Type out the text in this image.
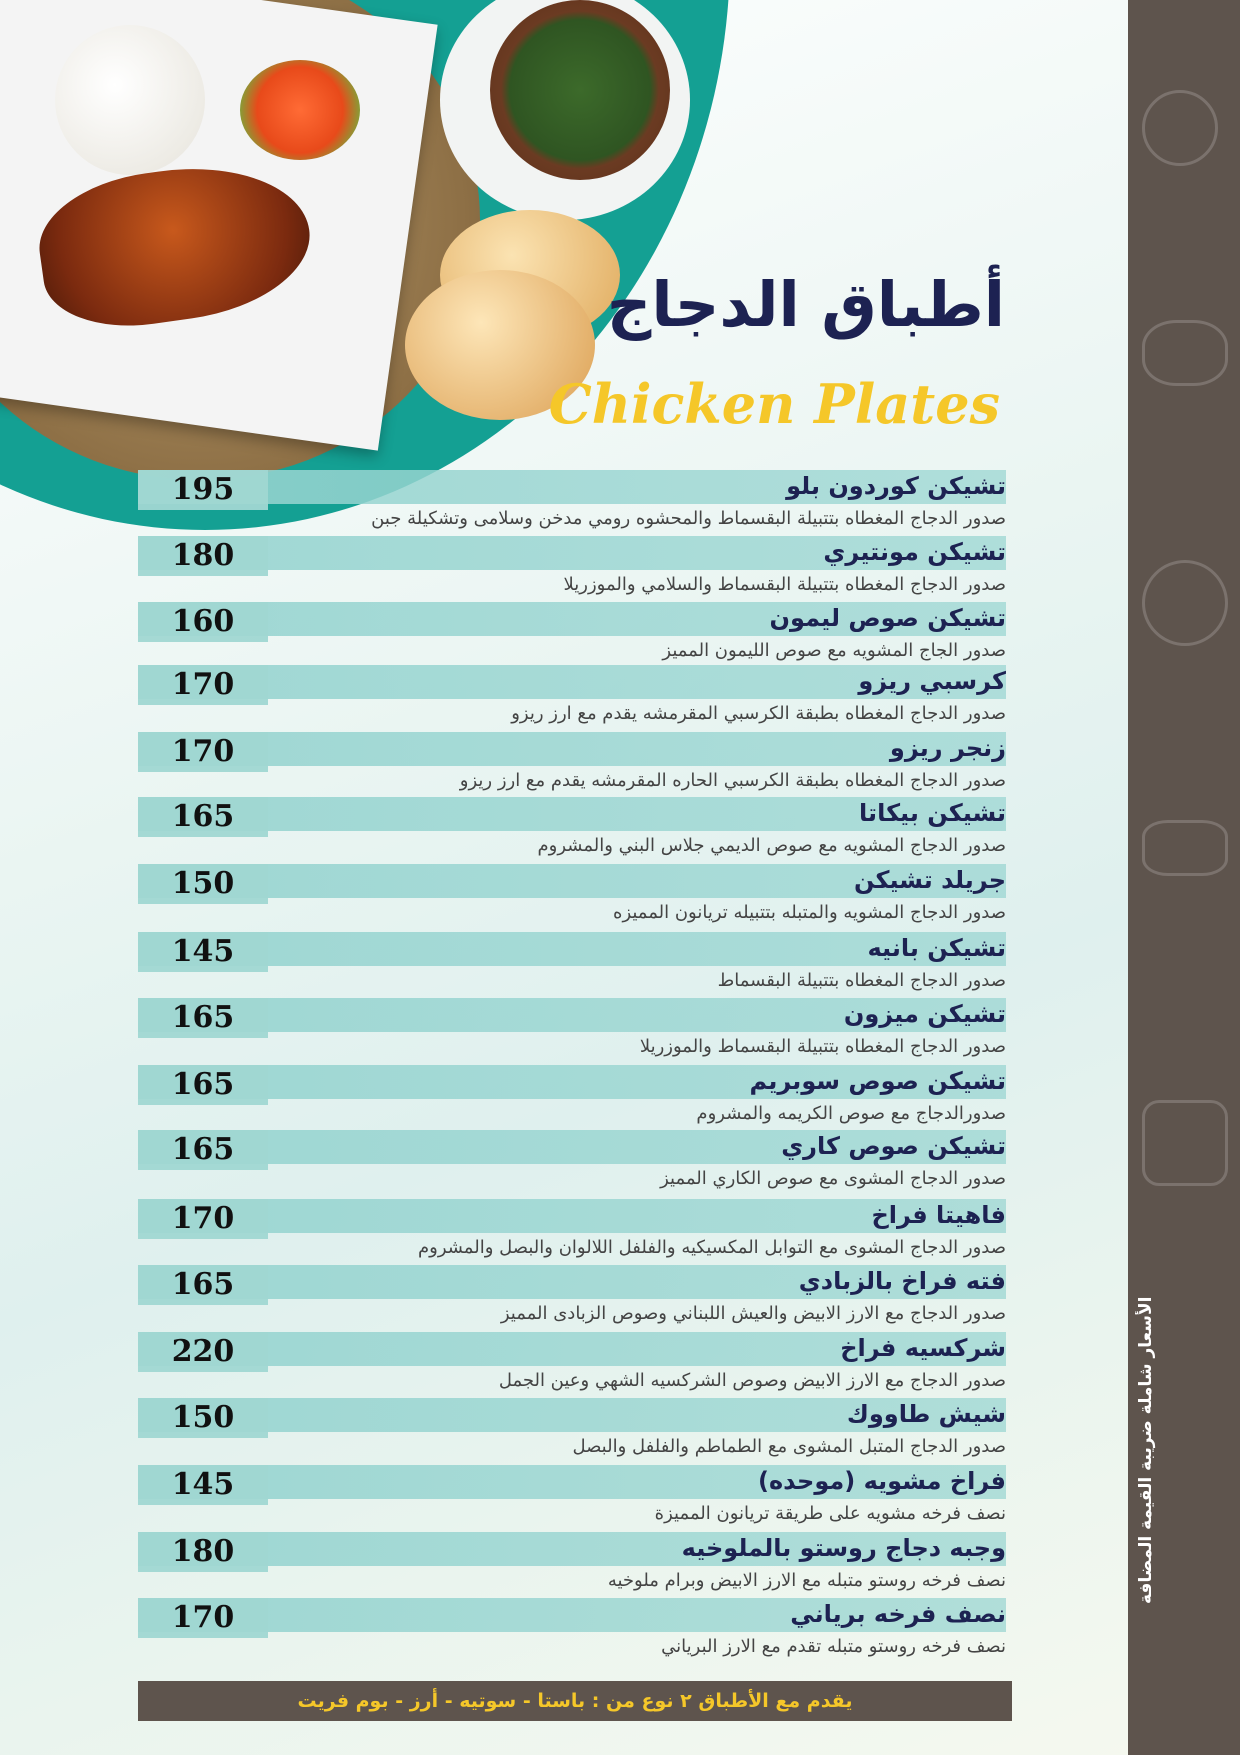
الأسعار شاملة ضريبة القيمة المضافة
أطباق الدجاج
Chicken Plates
195	تشيكن كوردون بلو
صدور الدجاج المغطاه بتتبيلة البقسماط والمحشوه رومي مدخن وسلامى وتشكيلة جبن
180	تشيكن مونتيري
صدور الدجاج المغطاه بتتبيلة البقسماط والسلامي والموزريلا
160	تشيكن صوص ليمون
صدور الجاج المشويه مع صوص الليمون المميز
170	كرسبي ريزو
صدور الدجاج المغطاه بطبقة الكرسبي المقرمشه يقدم مع ارز ريزو
170	زنجر ريزو
صدور الدجاج المغطاه بطبقة الكرسبي الحاره المقرمشه يقدم مع ارز ريزو
165	تشيكن بيكاتا
صدور الدجاج المشويه مع صوص الديمي جلاس البني والمشروم
150	جريلد تشيكن
صدور الدجاج المشويه والمتبله بتتبيله تريانون المميزه
145	تشيكن بانيه
صدور الدجاج المغطاه بتتبيلة البقسماط
165	تشيكن ميزون
صدور الدجاج المغطاه بتتبيلة البقسماط والموزريلا
165	تشيكن صوص سوبريم
صدورالدجاج مع صوص الكريمه والمشروم
165	تشيكن صوص كاري
صدور الدجاج المشوى مع صوص الكاري المميز
170	فاهيتا فراخ
صدور الدجاج المشوى مع التوابل المكسيكيه والفلفل اللالوان والبصل والمشروم
165	فته فراخ بالزبادي
صدور الدجاج مع الارز الابيض والعيش اللبناني وصوص الزبادى المميز
220	شركسيه فراخ
صدور الدجاج مع الارز الابيض وصوص الشركسيه الشهي وعين الجمل
150	شيش طاووك
صدور الدجاج المتبل المشوى مع الطماطم والفلفل والبصل
145	فراخ مشويه (موحده)
نصف فرخه مشويه على طريقة تريانون المميزة
180	وجبه دجاج روستو بالملوخيه
نصف فرخه روستو متبله مع الارز الابيض وبرام ملوخيه
170	نصف فرخه برياني
نصف فرخه روستو متبله تقدم مع الارز البرياني
يقدم مع الأطباق ٢ نوع من : باستا - سوتيه - أرز - بوم فريت
